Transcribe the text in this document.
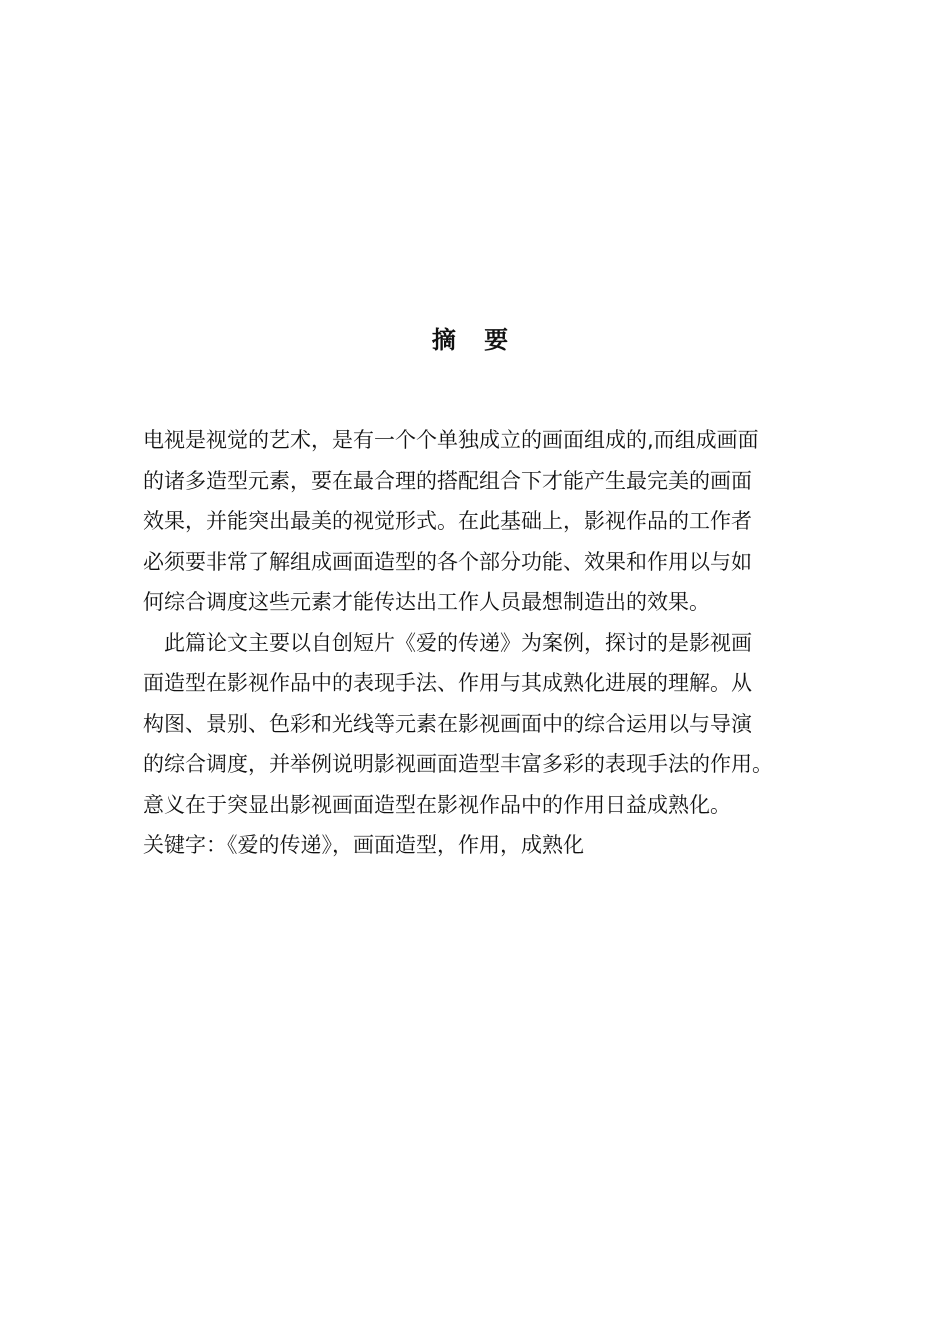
摘 要
电视是视觉的艺术，是有一个个单独成立的画面组成的,而组成画面
的诸多造型元素，要在最合理的搭配组合下才能产生最完美的画面
效果，并能突出最美的视觉形式。在此基础上，影视作品的工作者
必须要非常了解组成画面造型的各个部分功能、效果和作用以与如
何综合调度这些元素才能传达出工作人员最想制造出的效果。
此篇论文主要以自创短片《爱的传递》为案例，探讨的是影视画
面造型在影视作品中的表现手法、作用与其成熟化进展的理解。从
构图、景别、色彩和光线等元素在影视画面中的综合运用以与导演
的综合调度，并举例说明影视画面造型丰富多彩的表现手法的作用。
意义在于突显出影视画面造型在影视作品中的作用日益成熟化。
关键字：《爱的传递》，画面造型，作用，成熟化
